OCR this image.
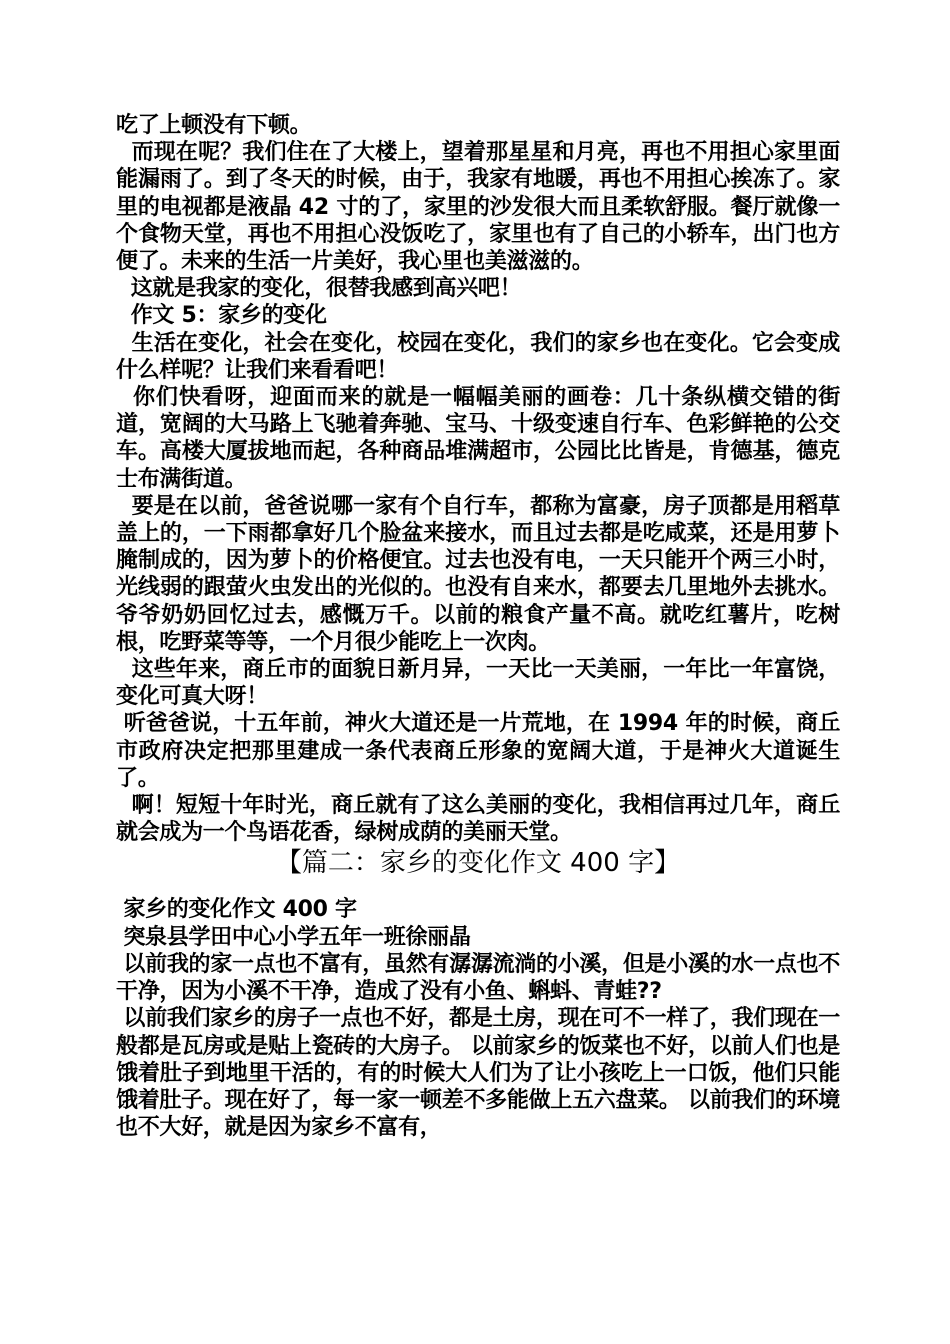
吃了上顿没有下顿。

而现在呢？我们住在了大楼上，望着那星星和月亮，再也不用担心家里面能漏雨了。到了冬天的时候，由于，我家有地暖，再也不用担心挨冻了。家里的电视都是液晶 42 寸的了，家里的沙发很大而且柔软舒服。餐厅就像一个食物天堂，再也不用担心没饭吃了，家里也有了自己的小轿车，出门也方便了。未来的生活一片美好，我心里也美滋滋的。

这就是我家的变化，很替我感到高兴吧！

作文 5：家乡的变化

生活在变化，社会在变化，校园在变化，我们的家乡也在变化。它会变成什么样呢？让我们来看看吧！

你们快看呀，迎面而来的就是一幅幅美丽的画卷：几十条纵横交错的街道，宽阔的大马路上飞驰着奔驰、宝马、十级变速自行车、色彩鲜艳的公交车。高楼大厦拔地而起，各种商品堆满超市，公园比比皆是，肯德基，德克士布满街道。

要是在以前，爸爸说哪一家有个自行车，都称为富豪，房子顶都是用稻草盖上的，一下雨都拿好几个脸盆来接水，而且过去都是吃咸菜，还是用萝卜腌制成的，因为萝卜的价格便宜。过去也没有电，一天只能开个两三小时，光线弱的跟萤火虫发出的光似的。也没有自来水，都要去几里地外去挑水。爷爷奶奶回忆过去，感慨万千。以前的粮食产量不高。就吃红薯片，吃树根，吃野菜等等，一个月很少能吃上一次肉。

这些年来，商丘市的面貌日新月异，一天比一天美丽，一年比一年富饶，变化可真大呀！

听爸爸说，十五年前，神火大道还是一片荒地，在 1994 年的时候，商丘市政府决定把那里建成一条代表商丘形象的宽阔大道，于是神火大道诞生了。

啊！短短十年时光，商丘就有了这么美丽的变化，我相信再过几年，商丘就会成为一个鸟语花香，绿树成荫的美丽天堂。

【篇二：家乡的变化作文 400 字】

家乡的变化作文 400 字

突泉县学田中心小学五年一班徐丽晶

以前我的家一点也不富有，虽然有潺潺流淌的小溪，但是小溪的水一点也不干净，因为小溪不干净，造成了没有小鱼、蝌蚪、青蛙??

以前我们家乡的房子一点也不好，都是土房，现在可不一样了，我们现在一般都是瓦房或是贴上瓷砖的大房子。 以前家乡的饭菜也不好，以前人们也是饿着肚子到地里干活的，有的时候大人们为了让小孩吃上一口饭，他们只能饿着肚子。现在好了，每一家一顿差不多能做上五六盘菜。 以前我们的环境也不大好，就是因为家乡不富有，
